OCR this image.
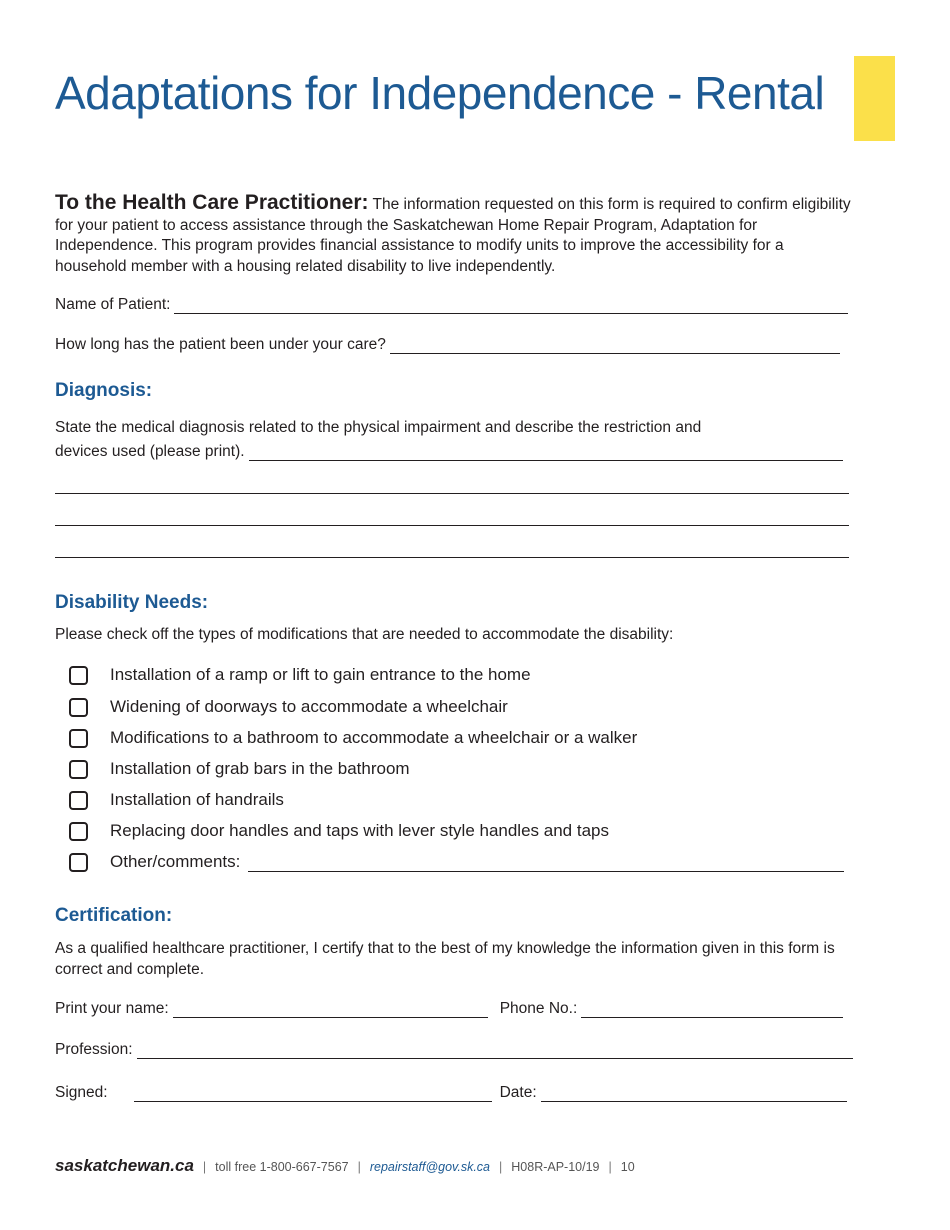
Adaptations for Independence - Rental
To the Health Care Practitioner: The information requested on this form is required to confirm eligibility for your patient to access assistance through the Saskatchewan Home Repair Program, Adaptation for Independence. This program provides financial assistance to modify units to improve the accessibility for a household member with a housing related disability to live independently.
Name of Patient:
How long has the patient been under your care?
Diagnosis:
State the medical diagnosis related to the physical impairment and describe the restriction and
devices used (please print).
Disability Needs:
Please check off the types of modifications that are needed to accommodate the disability:
Installation of a ramp or lift to gain entrance to the home
Widening of doorways to accommodate a wheelchair
Modifications to a bathroom to accommodate a wheelchair or a walker
Installation of grab bars in the bathroom
Installation of handrails
Replacing door handles and taps with lever style handles and taps
Other/comments:
Certification:
As a qualified healthcare practitioner, I certify that to the best of my knowledge the information given in this form is correct and complete.
Print your name:	Phone No.:
Profession:
Signed:	Date:
saskatchewan.ca | toll free 1-800-667-7567 | repairstaff@gov.sk.ca | H08R-AP-10/19 | 10
